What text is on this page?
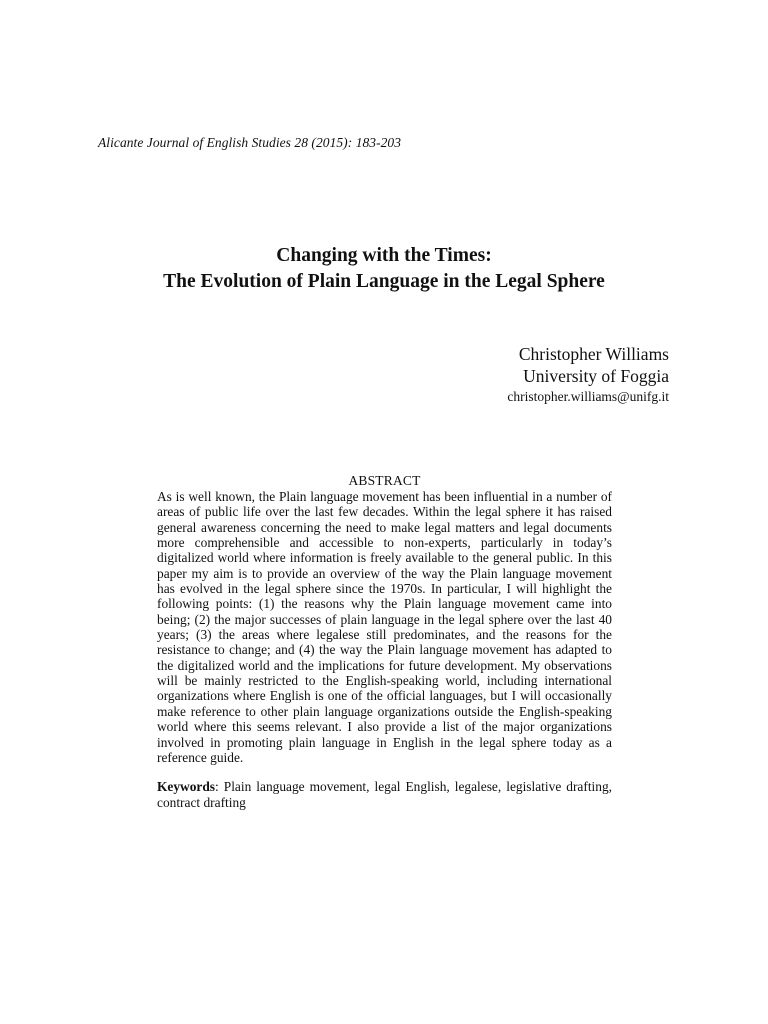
Alicante Journal of English Studies 28 (2015): 183-203
Changing with the Times:
The Evolution of Plain Language in the Legal Sphere
Christopher Williams
University of Foggia
christopher.williams@unifg.it
ABSTRACT
As is well known, the Plain language movement has been influential in a number of areas of public life over the last few decades. Within the legal sphere it has raised general awareness concerning the need to make legal matters and legal documents more comprehensible and accessible to non-experts, particularly in today’s digitalized world where information is freely available to the general public. In this paper my aim is to provide an overview of the way the Plain language movement has evolved in the legal sphere since the 1970s. In particular, I will highlight the following points: (1) the reasons why the Plain language movement came into being; (2) the major successes of plain language in the legal sphere over the last 40 years; (3) the areas where legalese still predominates, and the reasons for the resistance to change; and (4) the way the Plain language movement has adapted to the digitalized world and the implications for future development. My observations will be mainly restricted to the English-speaking world, including international organizations where English is one of the official languages, but I will occasionally make reference to other plain language organizations outside the English-speaking world where this seems relevant. I also provide a list of the major organizations involved in promoting plain language in English in the legal sphere today as a reference guide.
Keywords: Plain language movement, legal English, legalese, legislative drafting, contract drafting
